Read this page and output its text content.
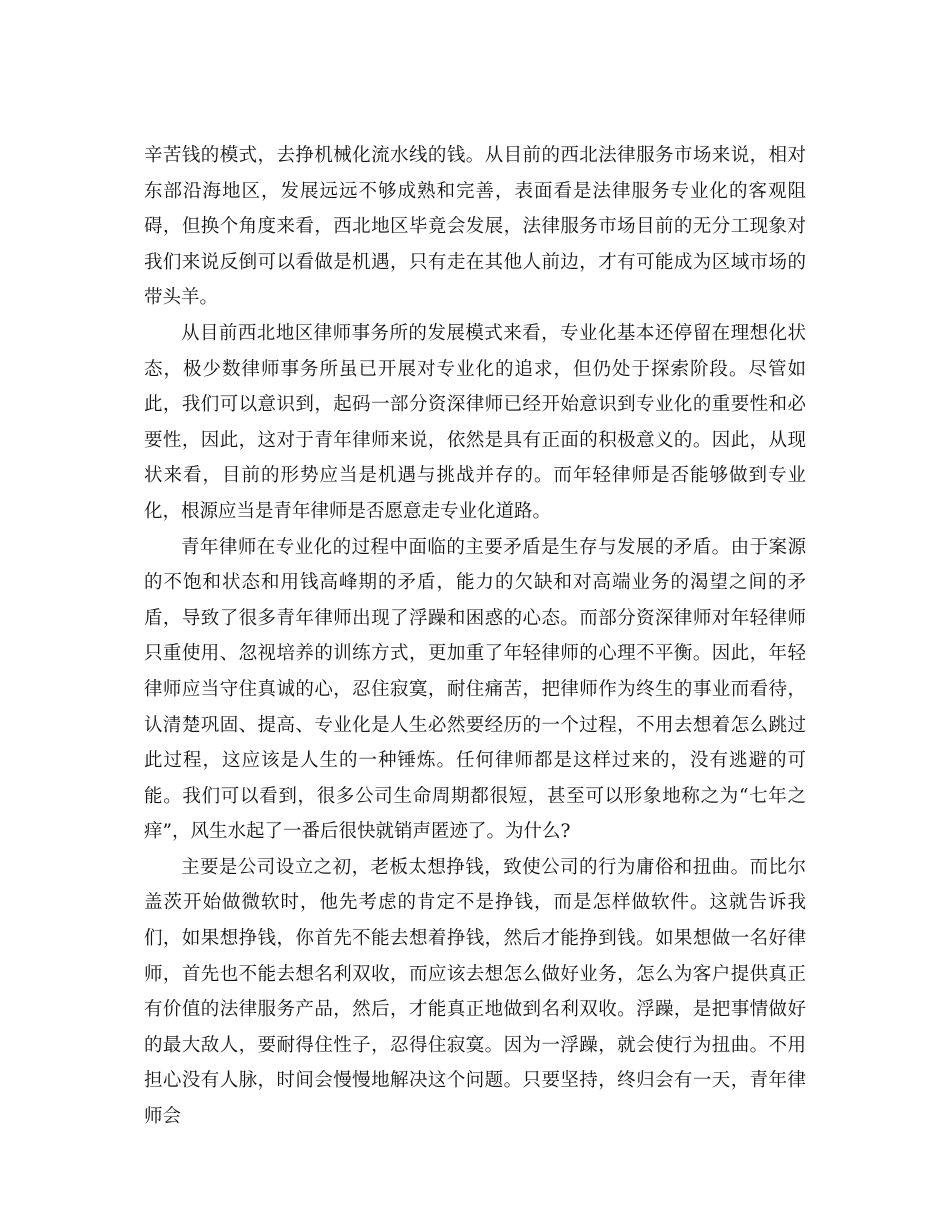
辛苦钱的模式，去挣机械化流水线的钱。从目前的西北法律服务市场来说，相对东部沿海地区，发展远远不够成熟和完善，表面看是法律服务专业化的客观阻碍，但换个角度来看，西北地区毕竟会发展，法律服务市场目前的无分工现象对我们来说反倒可以看做是机遇，只有走在其他人前边，才有可能成为区域市场的带头羊。

从目前西北地区律师事务所的发展模式来看，专业化基本还停留在理想化状态，极少数律师事务所虽已开展对专业化的追求，但仍处于探索阶段。尽管如此，我们可以意识到，起码一部分资深律师已经开始意识到专业化的重要性和必要性，因此，这对于青年律师来说，依然是具有正面的积极意义的。因此，从现状来看，目前的形势应当是机遇与挑战并存的。而年轻律师是否能够做到专业化，根源应当是青年律师是否愿意走专业化道路。

青年律师在专业化的过程中面临的主要矛盾是生存与发展的矛盾。由于案源的不饱和状态和用钱高峰期的矛盾，能力的欠缺和对高端业务的渴望之间的矛盾，导致了很多青年律师出现了浮躁和困惑的心态。而部分资深律师对年轻律师只重使用、忽视培养的训练方式，更加重了年轻律师的心理不平衡。因此，年轻律师应当守住真诚的心，忍住寂寞，耐住痛苦，把律师作为终生的事业而看待，认清楚巩固、提高、专业化是人生必然要经历的一个过程，不用去想着怎么跳过此过程，这应该是人生的一种锤炼。任何律师都是这样过来的，没有逃避的可能。我们可以看到，很多公司生命周期都很短，甚至可以形象地称之为“七年之痒”，风生水起了一番后很快就销声匿迹了。为什么?

主要是公司设立之初，老板太想挣钱，致使公司的行为庸俗和扭曲。而比尔盖茨开始做微软时，他先考虑的肯定不是挣钱，而是怎样做软件。这就告诉我们，如果想挣钱，你首先不能去想着挣钱，然后才能挣到钱。如果想做一名好律师，首先也不能去想名利双收，而应该去想怎么做好业务，怎么为客户提供真正有价值的法律服务产品，然后，才能真正地做到名利双收。浮躁，是把事情做好的最大敌人，要耐得住性子，忍得住寂寞。因为一浮躁，就会使行为扭曲。不用担心没有人脉，时间会慢慢地解决这个问题。只要坚持，终归会有一天，青年律师会
